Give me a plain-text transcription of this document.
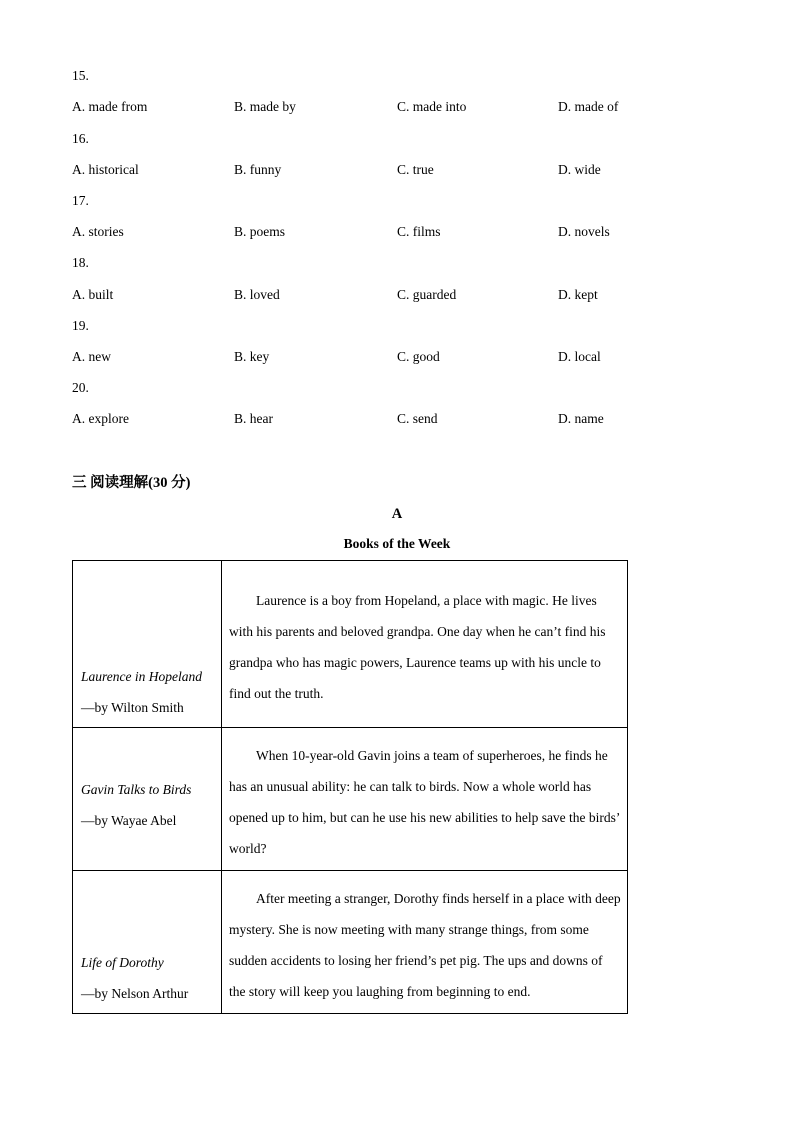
15.
A. made from	B. made by	C. made into	D. made of
16.
A. historical	B. funny	C. true	D. wide
17.
A. stories	B. poems	C. films	D. novels
18.
A. built	B. loved	C. guarded	D. kept
19.
A. new	B. key	C. good	D. local
20.
A. explore	B. hear	C. send	D. name
三 阅读理解(30 分)
A
Books of the Week
Laurence in Hopeland
—by Wilton Smith	Laurence is a boy from Hopeland, a place with magic. He lives with his parents and beloved grandpa. One day when he can’t find his grandpa who has magic powers, Laurence teams up with his uncle to find out the truth.

Gavin Talks to Birds
—by Wayae Abel	When 10-year-old Gavin joins a team of superheroes, he finds he has an unusual ability: he can talk to birds. Now a whole world has opened up to him, but can he use his new abilities to help save the birds’ world?

Life of Dorothy
—by Nelson Arthur	After meeting a stranger, Dorothy finds herself in a place with deep mystery. She is now meeting with many strange things, from some sudden accidents to losing her friend’s pet pig. The ups and downs of the story will keep you laughing from beginning to end.
